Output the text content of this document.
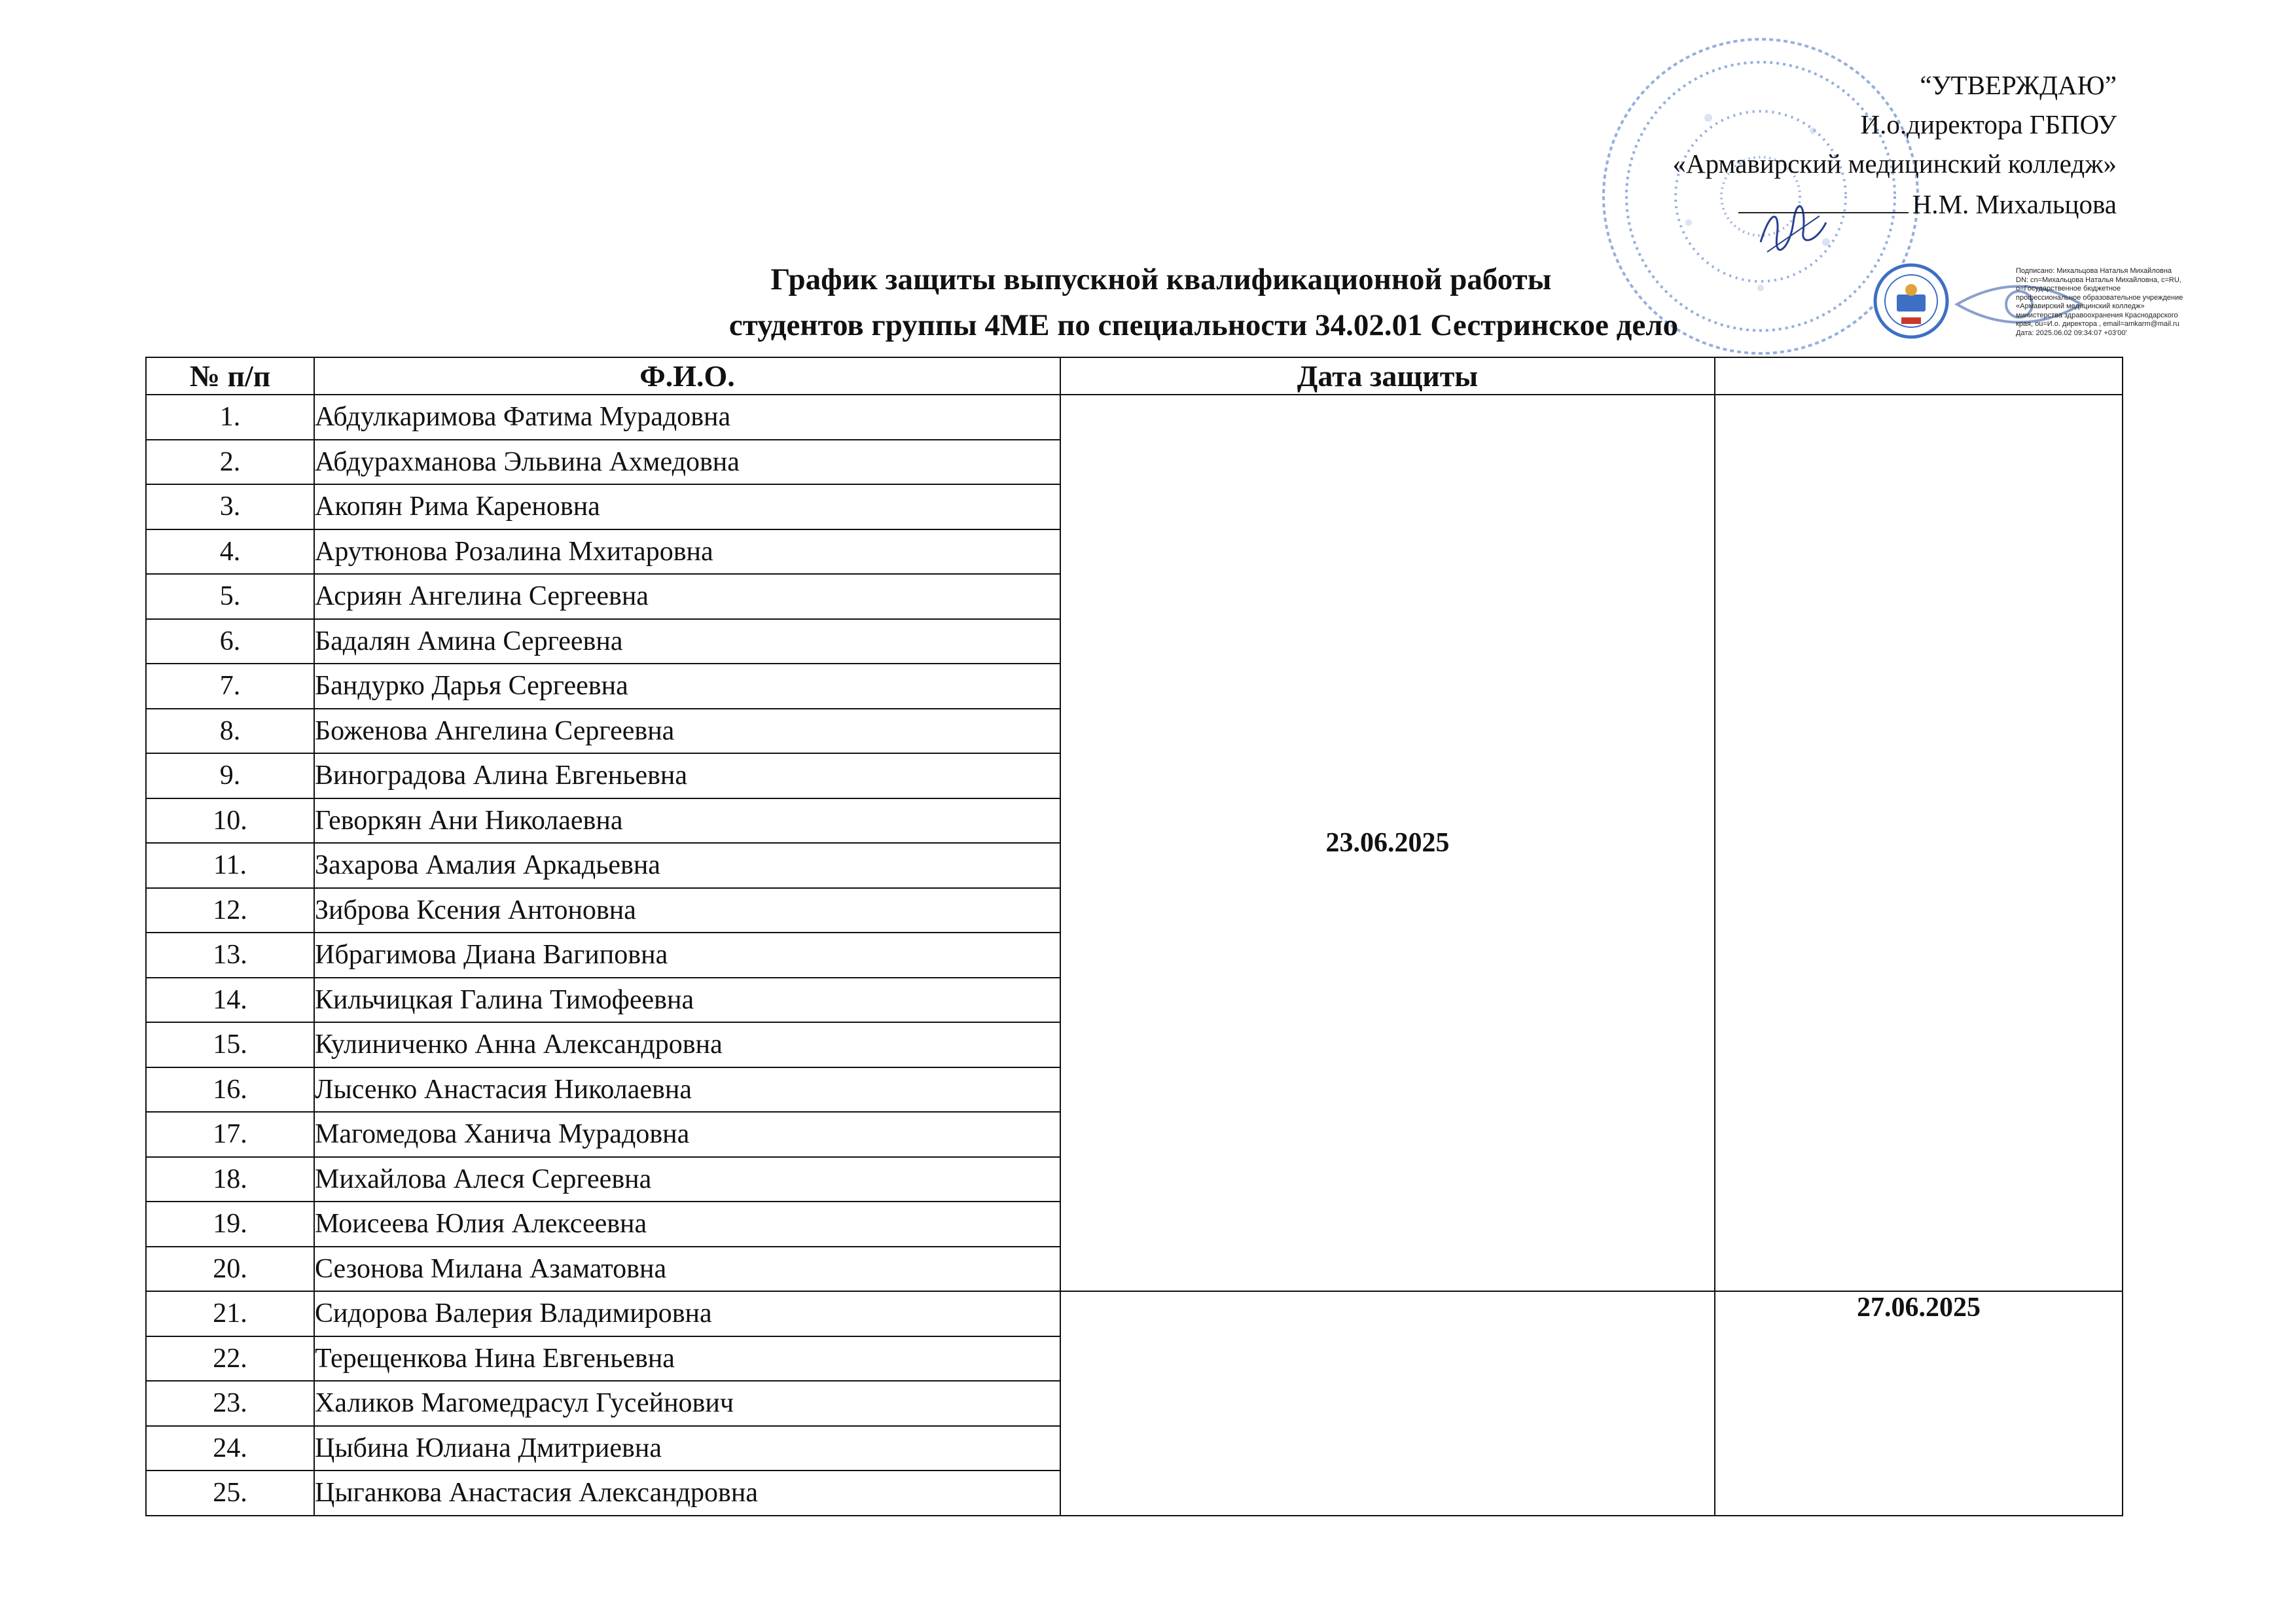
“УТВЕРЖДАЮ”
И.о.директора ГБПОУ
«Армавирский медицинский колледж»
Н.М. Михальцова
Подписано: Михальцова Наталья Михайловна
DN: cn=Михальцова Наталья Михайловна, c=RU,
o=Государственное бюджетное
профессиональное образовательное учреждение
«Армавирский медицинский колледж»
министерства здравоохранения Краснодарского
края, ou=И.о. директора , email=amkarm@mail.ru
Дата: 2025.06.02 09:34:07 +03'00'
График защиты выпускной квалификационной работы
студентов группы 4МЕ по специальности 34.02.01 Сестринское дело
№ п/п	Ф.И.О.	Дата защиты	
1.	Абдулкаримова Фатима Мурадовна	23.06.2025	
2.	Абдурахманова Эльвина Ахмедовна		
3.	Акопян Рима Кареновна		
4.	Арутюнова Розалина Мхитаровна		
5.	Асриян Ангелина Сергеевна		
6.	Бадалян Амина Сергеевна		
7.	Бандурко Дарья Сергеевна		
8.	Боженова Ангелина Сергеевна		
9.	Виноградова Алина Евгеньевна		
10.	Геворкян Ани Николаевна		
11.	Захарова Амалия Аркадьевна		
12.	Зиброва Ксения Антоновна		
13.	Ибрагимова Диана Вагиповна		
14.	Кильчицкая Галина Тимофеевна		
15.	Кулиниченко Анна Александровна		
16.	Лысенко Анастасия Николаевна		
17.	Магомедова Ханича Мурадовна		
18.	Михайлова Алеся Сергеевна		
19.	Моисеева Юлия Алексеевна		
20.	Сезонова Милана Азаматовна		
21.	Сидорова Валерия Владимировна		27.06.2025
22.	Терещенкова Нина Евгеньевна		
23.	Халиков Магомедрасул Гусейнович		
24.	Цыбина Юлиана Дмитриевна		
25.	Цыганкова Анастасия Александровна		
